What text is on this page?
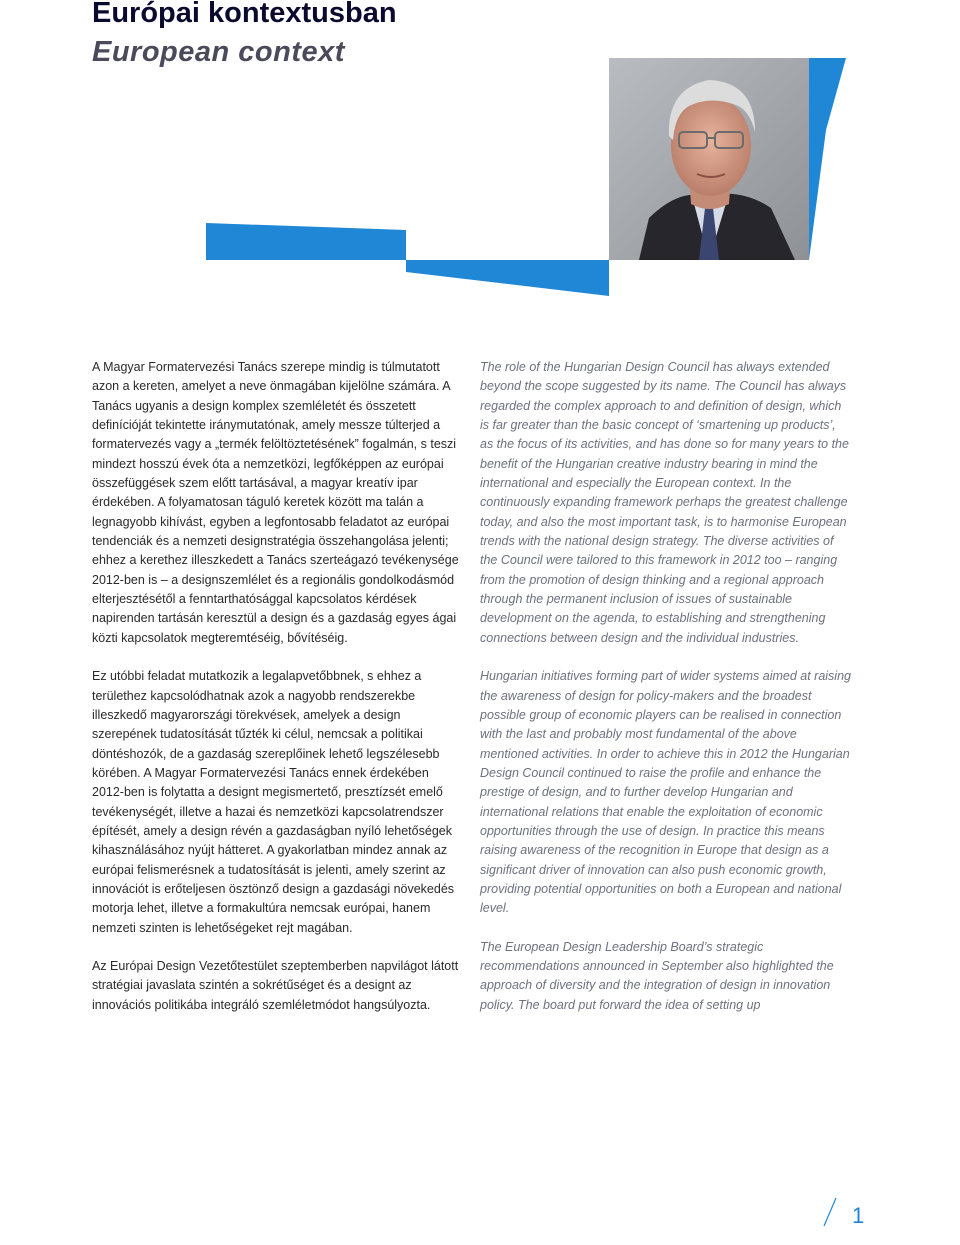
Európai kontextusban
European context

A Magyar Formatervezési Tanács szerepe mindig is túlmutatott azon a kereten, amelyet a neve önmagában kijelölne számára. A Tanács ugyanis a design komplex szemléletét és összetett definícióját tekintette iránymutatónak, amely messze túlterjed a formatervezés vagy a „termék felöltöztetésének” fogalmán, s teszi mindezt hosszú évek óta a nemzetközi, legfőképpen az európai összefüggések szem előtt tartásával, a magyar kreatív ipar érdekében. A folyamatosan táguló keretek között ma talán a legnagyobb kihívást, egyben a legfontosabb feladatot az európai tendenciák és a nemzeti designstratégia összehangolása jelenti; ehhez a kerethez illeszkedett a Tanács szerteágazó tevékenysége 2012-ben is – a designszemlélet és a regionális gondolkodásmód elterjesztésétől a fenntarthatósággal kapcsolatos kérdések napirenden tartásán keresztül a design és a gazdaság egyes ágai közti kapcsolatok megteremtéséig, bővítéséig.

Ez utóbbi feladat mutatkozik a legalapvetőbbnek, s ehhez a területhez kapcsolódhatnak azok a nagyobb rendszerekbe illeszkedő magyarországi törekvések, amelyek a design szerepének tudatosítását tűzték ki célul, nemcsak a politikai döntéshozók, de a gazdaság szereplőinek lehető legszélesebb körében. A Magyar Formatervezési Tanács ennek érdekében 2012-ben is folytatta a designt megismertető, presztízsét emelő tevékenységét, illetve a hazai és nemzetközi kapcsolatrendszer építését, amely a design révén a gazdaságban nyíló lehetőségek kihasználásához nyújt hátteret. A gyakorlatban mindez annak az európai felismerésnek a tudatosítását is jelenti, amely szerint az innovációt is erőteljesen ösztönző design a gazdasági növekedés motorja lehet, illetve a formakultúra nemcsak európai, hanem nemzeti szinten is lehetőségeket rejt magában.

Az Európai Design Vezetőtestület szeptemberben napvilágot látott stratégiai javaslata szintén a sokrétűséget és a designt az innovációs politikába integráló szemléletmódot hangsúlyozta.

The role of the Hungarian Design Council has always extended beyond the scope suggested by its name. The Council has always regarded the complex approach to and definition of design, which is far greater than the basic concept of ‘smartening up products’, as the focus of its activities, and has done so for many years to the benefit of the Hungarian creative industry bearing in mind the international and especially the European context. In the continuously expanding framework perhaps the greatest challenge today, and also the most important task, is to harmonise European trends with the national design strategy. The diverse activities of the Council were tailored to this framework in 2012 too – ranging from the promotion of design thinking and a regional approach through the permanent inclusion of issues of sustainable development on the agenda, to establishing and strengthening connections between design and the individual industries.

Hungarian initiatives forming part of wider systems aimed at raising the awareness of design for policy-makers and the broadest possible group of economic players can be realised in connection with the last and probably most fundamental of the above mentioned activities. In order to achieve this in 2012 the Hungarian Design Council continued to raise the profile and enhance the prestige of design, and to further develop Hungarian and international relations that enable the exploitation of economic opportunities through the use of design. In practice this means raising awareness of the recognition in Europe that design as a significant driver of innovation can also push economic growth, providing potential opportunities on both a European and national level.

The European Design Leadership Board’s strategic recommendations announced in September also highlighted the approach of diversity and the integration of design in innovation policy. The board put forward the idea of setting up

1
